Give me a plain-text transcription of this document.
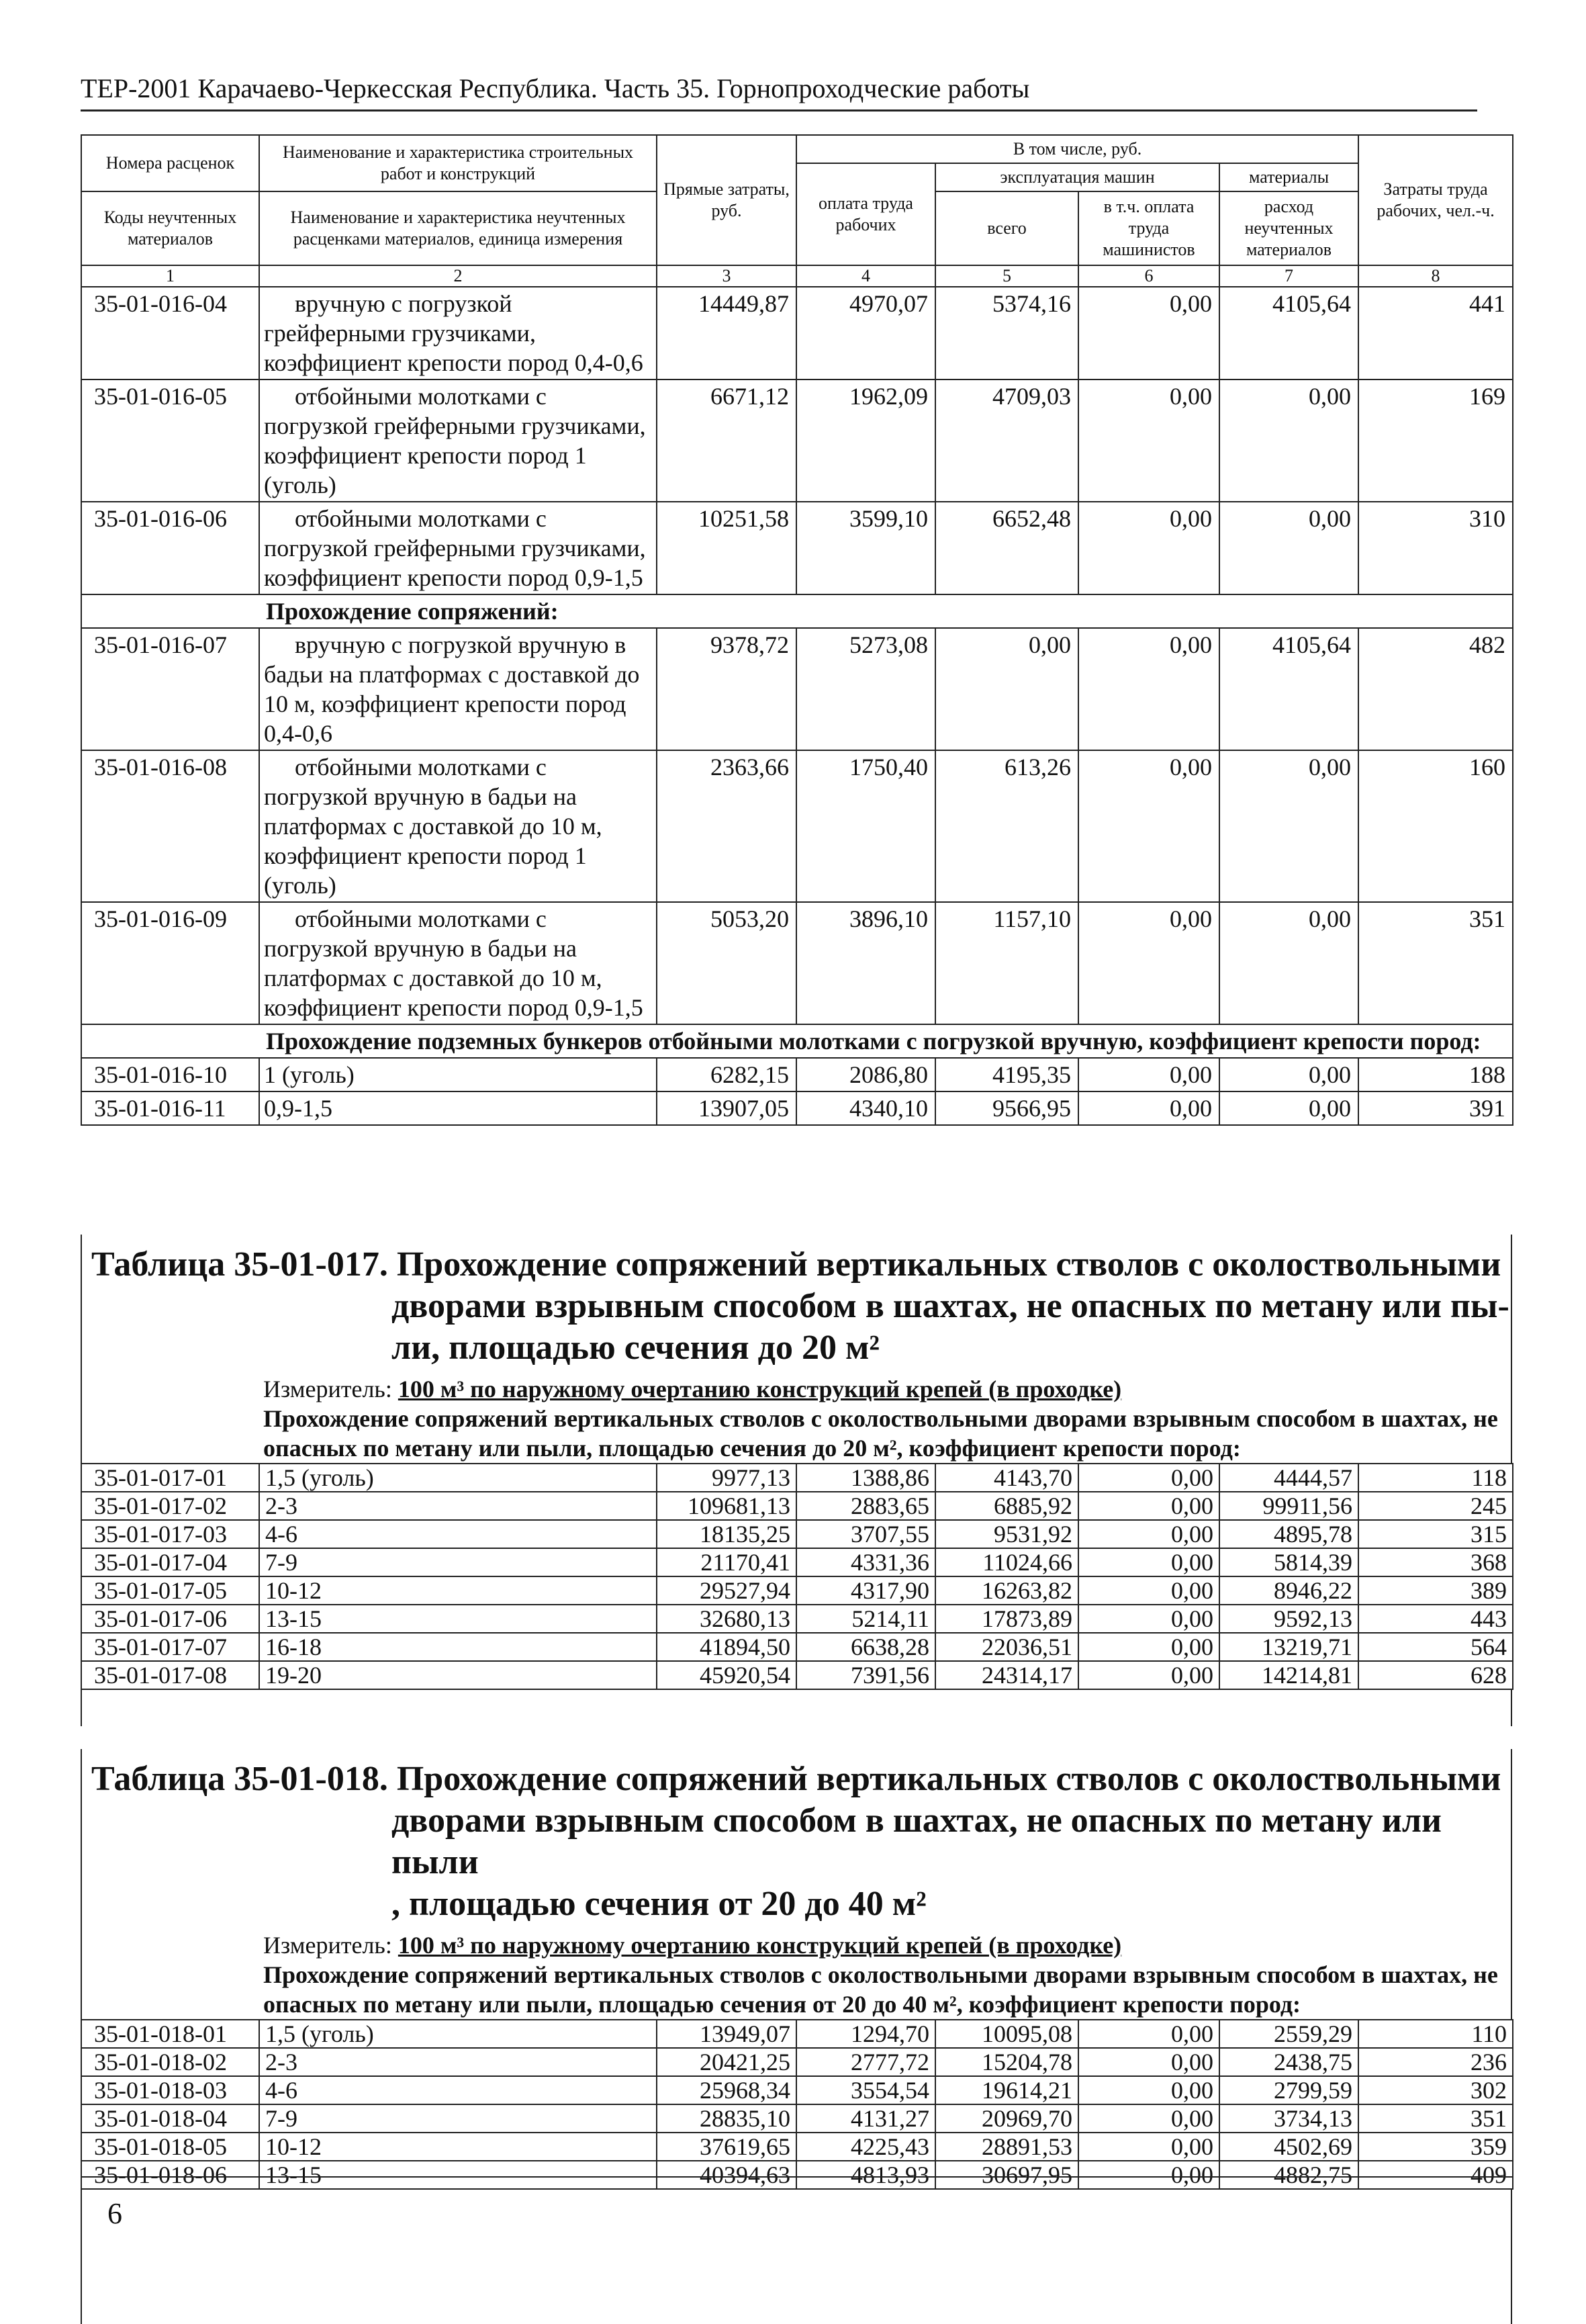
ТЕР-2001 Карачаево-Черкесская Республика. Часть 35. Горнопроходческие работы
Номера расценок	Наименование и характеристика строительных работ и конструкций	Прямые затраты, руб.	В том числе, руб.				Затраты труда рабочих, чел.-ч.
			оплата труда рабочих	эксплуатация машин		материалы	
Коды неучтенных материалов	Наименование и характеристика неучтенных расценками материалов, единица измерения			всего	в т.ч. оплата труда машинистов	расход неучтенных материалов	

1	2	3	4	5	6	7	8
35-01-016-04	вручную с погрузкой грейферными грузчиками, коэффициент крепости пород 0,4-0,6	14449,87	4970,07	5374,16	0,00	4105,64	441
35-01-016-05	отбойными молотками с погрузкой грейферными грузчиками, коэффициент крепости пород 1 (уголь)	6671,12	1962,09	4709,03	0,00	0,00	169
35-01-016-06	отбойными молотками с погрузкой грейферными грузчиками, коэффициент крепости пород 0,9-1,5	10251,58	3599,10	6652,48	0,00	0,00	310
	Прохождение сопряжений:						
35-01-016-07	вручную с погрузкой вручную в бадьи на платформах с доставкой до 10 м, коэффициент крепости пород 0,4-0,6	9378,72	5273,08	0,00	0,00	4105,64	482
35-01-016-08	отбойными молотками с погрузкой вручную в бадьи на платформах с доставкой до 10 м, коэффициент крепости пород 1 (уголь)	2363,66	1750,40	613,26	0,00	0,00	160
35-01-016-09	отбойными молотками с погрузкой вручную в бадьи на платформах с доставкой до 10 м, коэффициент крепости пород 0,9-1,5	5053,20	3896,10	1157,10	0,00	0,00	351
	Прохождение подземных бункеров отбойными молотками с погрузкой вручную, коэффициент крепости пород:						
35-01-016-10	1 (уголь)	6282,15	2086,80	4195,35	0,00	0,00	188
35-01-016-11	0,9-1,5	13907,05	4340,10	9566,95	0,00	0,00	391
Таблица 35-01-017. Прохождение сопряжений вертикальных стволов с околоствольными
дворами взрывным способом в шахтах, не опасных по метану или пы-
ли, площадью сечения до 20 м²
Измеритель: 100 м³ по наружному очертанию конструкций крепей (в проходке)
Прохождение сопряжений вертикальных стволов с околоствольными дворами взрывным способом в шахтах, не опасных по метану или пыли, площадью сечения до 20 м², коэффициент крепости пород:
35-01-017-01	1,5 (уголь)	9977,13	1388,86	4143,70	0,00	4444,57	118
35-01-017-02	2-3	109681,13	2883,65	6885,92	0,00	99911,56	245
35-01-017-03	4-6	18135,25	3707,55	9531,92	0,00	4895,78	315
35-01-017-04	7-9	21170,41	4331,36	11024,66	0,00	5814,39	368
35-01-017-05	10-12	29527,94	4317,90	16263,82	0,00	8946,22	389
35-01-017-06	13-15	32680,13	5214,11	17873,89	0,00	9592,13	443
35-01-017-07	16-18	41894,50	6638,28	22036,51	0,00	13219,71	564
35-01-017-08	19-20	45920,54	7391,56	24314,17	0,00	14214,81	628
Таблица 35-01-018. Прохождение сопряжений вертикальных стволов с околоствольными
дворами взрывным способом в шахтах, не опасных по метану или пыли
, площадью сечения от 20 до 40 м²
Измеритель: 100 м³ по наружному очертанию конструкций крепей (в проходке)
Прохождение сопряжений вертикальных стволов с околоствольными дворами взрывным способом в шахтах, не опасных по метану или пыли, площадью сечения от 20 до 40 м², коэффициент крепости пород:
35-01-018-01	1,5 (уголь)	13949,07	1294,70	10095,08	0,00	2559,29	110
35-01-018-02	2-3	20421,25	2777,72	15204,78	0,00	2438,75	236
35-01-018-03	4-6	25968,34	3554,54	19614,21	0,00	2799,59	302
35-01-018-04	7-9	28835,10	4131,27	20969,70	0,00	3734,13	351
35-01-018-05	10-12	37619,65	4225,43	28891,53	0,00	4502,69	359
35-01-018-06	13-15	40394,63	4813,93	30697,95	0,00	4882,75	409
6
